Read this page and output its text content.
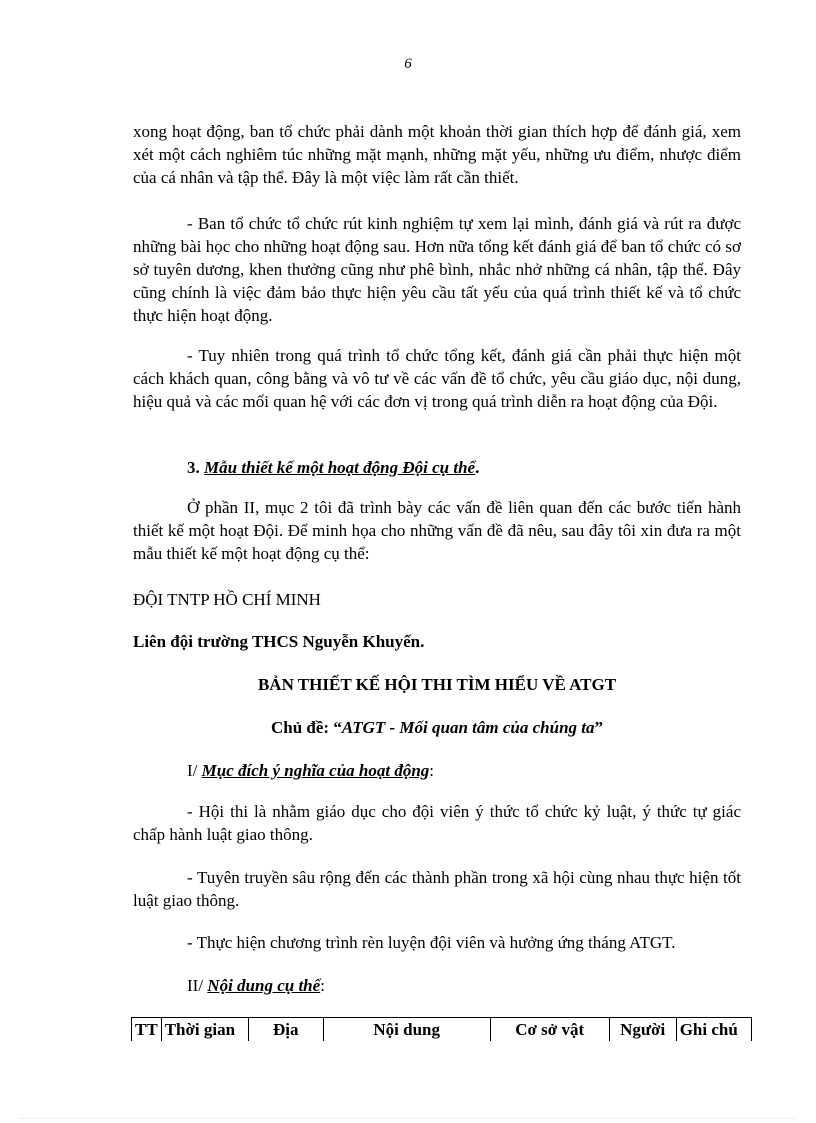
6

xong hoạt động, ban tổ chức phải dành một khoản thời gian thích hợp để đánh giá, xem xét một cách nghiêm túc những mặt mạnh, những mặt yếu, những ưu điểm, nhược điểm của cá nhân và tập thể. Đây là một việc làm rất cần thiết.

- Ban tổ chức tổ chức rút kinh nghiệm tự xem lại mình, đánh giá và rút ra được những bài học cho những hoạt động sau. Hơn nữa tổng kết đánh giá để ban tổ chức có sơ sở tuyên dương, khen thưởng cũng như phê bình, nhắc nhở những cá nhân, tập thể. Đây cũng chính là việc đảm bảo thực hiện yêu cầu tất yếu của quá trình thiết kế và tổ chức thực hiện hoạt động.

- Tuy nhiên trong quá trình tổ chức tổng kết, đánh giá cần phải thực hiện một cách khách quan, công bằng và vô tư về các vấn đề tổ chức, yêu cầu giáo dục, nội dung, hiệu quả và các mối quan hệ với các đơn vị trong quá trình diễn ra hoạt động của Đội.

3. Mẫu thiết kế một hoạt động Đội cụ thể.

Ở phần II, mục 2 tôi đã trình bày các vấn đề liên quan đến các bước tiến hành thiết kế một hoạt Đội. Để minh họa cho những vấn đề đã nêu, sau đây tôi xin đưa ra một mẫu thiết kế một hoạt động cụ thể:

ĐỘI TNTP HỒ CHÍ MINH

Liên đội trường THCS Nguyễn Khuyến.

BẢN THIẾT KẾ HỘI THI TÌM HIỂU VỀ ATGT
Chủ đề: “ATGT - Mối quan tâm của chúng ta”

I/ Mục đích ý nghĩa của hoạt động:

- Hội thi là nhằm giáo dục cho đội viên ý thức tổ chức kỷ luật, ý thức tự giác chấp hành luật giao thông.

- Tuyên truyền sâu rộng đến các thành phần trong xã hội cùng nhau thực hiện tốt luật giao thông.

- Thực hiện chương trình rèn luyện đội viên và hưởng ứng tháng ATGT.

II/ Nội dung cụ thể:

TT	Thời gian	Địa	Nội dung	Cơ sở vật	Người	Ghi chú
